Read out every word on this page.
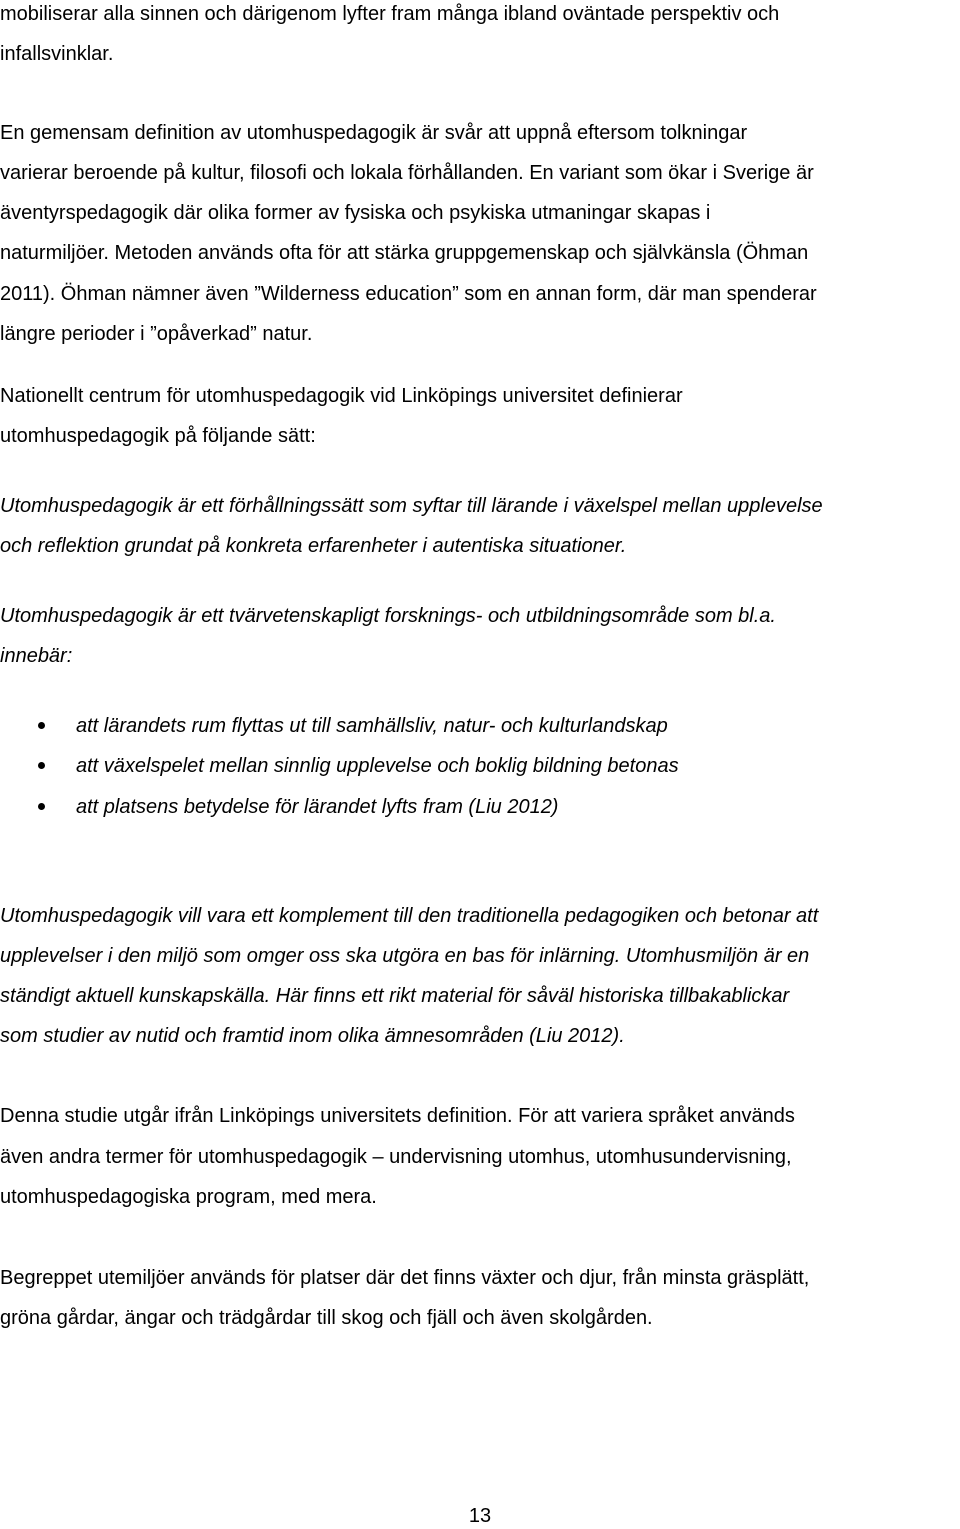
mobiliserar alla sinnen och därigenom lyfter fram många ibland oväntade perspektiv och
infallsvinklar.
En gemensam definition av utomhuspedagogik är svår att uppnå eftersom tolkningar
varierar beroende på kultur, filosofi och lokala förhållanden. En variant som ökar i Sverige är
äventyrspedagogik där olika former av fysiska och psykiska utmaningar skapas i
naturmiljöer. Metoden används ofta för att stärka gruppgemenskap och självkänsla (Öhman
2011). Öhman nämner även ”Wilderness education” som en annan form, där man spenderar
längre perioder i ”opåverkad” natur.
Nationellt centrum för utomhuspedagogik vid Linköpings universitet definierar
utomhuspedagogik på följande sätt:
Utomhuspedagogik är ett förhållningssätt som syftar till lärande i växelspel mellan upplevelse
och reflektion grundat på konkreta erfarenheter i autentiska situationer.
Utomhuspedagogik är ett tvärvetenskapligt forsknings- och utbildningsområde som bl.a.
innebär:
att lärandets rum flyttas ut till samhällsliv, natur- och kulturlandskap
att växelspelet mellan sinnlig upplevelse och boklig bildning betonas
att platsens betydelse för lärandet lyfts fram (Liu 2012)
Utomhuspedagogik vill vara ett komplement till den traditionella pedagogiken och betonar att
upplevelser i den miljö som omger oss ska utgöra en bas för inlärning. Utomhusmiljön är en
ständigt aktuell kunskapskälla. Här finns ett rikt material för såväl historiska tillbakablickar
som studier av nutid och framtid inom olika ämnesområden (Liu 2012).
Denna studie utgår ifrån Linköpings universitets definition. För att variera språket används
även andra termer för utomhuspedagogik – undervisning utomhus, utomhusundervisning,
utomhuspedagogiska program, med mera.
Begreppet utemiljöer används för platser där det finns växter och djur, från minsta gräsplätt,
gröna gårdar, ängar och trädgårdar till skog och fjäll och även skolgården.
13
